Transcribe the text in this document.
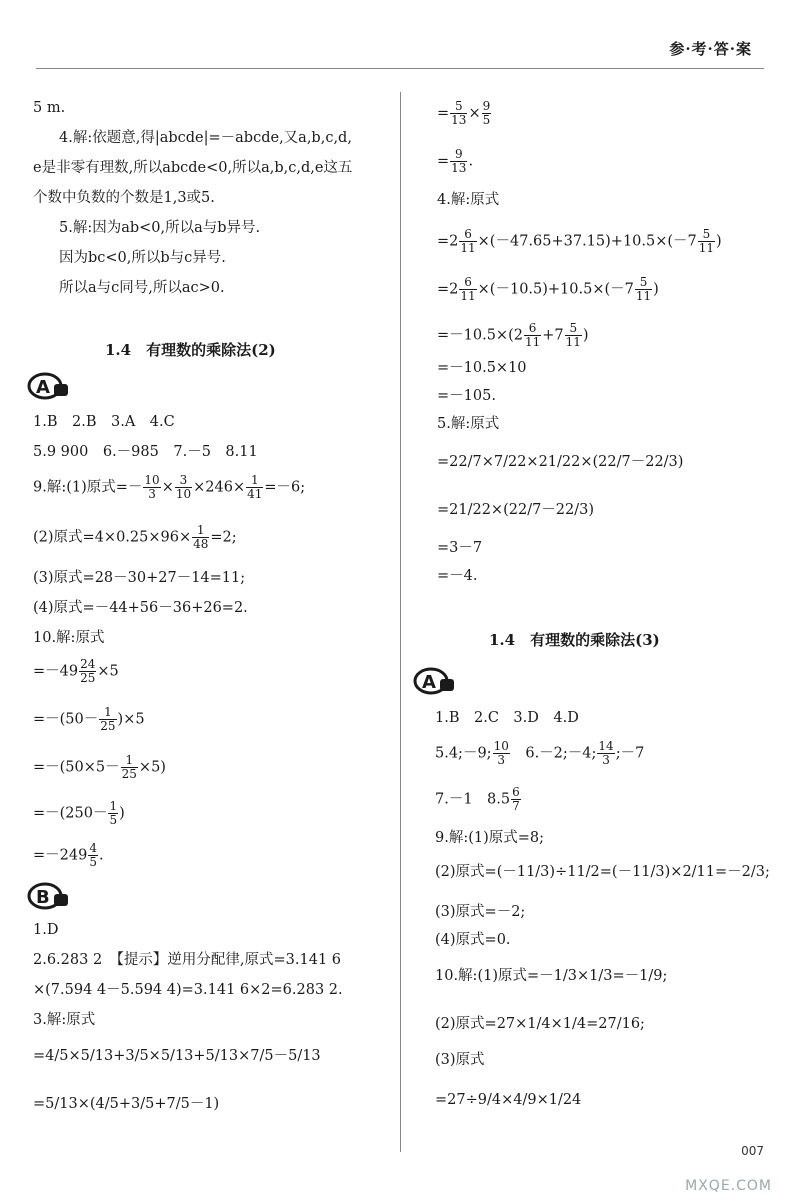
参·考·答·案
5 m.
4.解:依题意,得|abcde|=－abcde,又a,b,c,d,
e是非零有理数,所以abcde<0,所以a,b,c,d,e这五
个数中负数的个数是1,3或5.
5.解:因为ab<0,所以a与b异号.
因为bc<0,所以b与c异号.
所以a与c同号,所以ac>0.
1.4　有理数的乘除法(2)
A
1.B　2.B　3.A　4.C
5.9 900　6.－985　7.－5　8.11
9.解:(1)原式=－ $\frac{10}{3} \times \frac{3}{10} \times 246\times \frac{1}{41} =-6$;
(2)原式$=4\times 0.25\times 96\times \frac{1}{48} =2$;
(3)原式=28－30+27－14=11;
(4)原式=－44+56－36+26=2.
10.解:原式
$=-49 \frac{24}{25} \times 5$
$=-(50- \frac{1}{25} )\times 5$
$=-(50\times 5- \frac{1}{25} \times 5)$
$=-(250- \frac{1}{5}$ )
$=-249 \frac{4}{5}$ .
B
1.D
2.6.283 2　【提示】逆用分配律,原式=3.141 6
×(7.594 4－5.594 4)=3.141 6×2=6.283 2.
3.解:原式
=4/5×5/13+3/5×5/13+5/13×7/5－5/13
=5/13×(4/5+3/5+7/5－1)
= $\frac{5}{13} \times \frac{9}{5}$
= $\frac{9}{13}$ .
4.解:原式
$=2 \frac{6}{11} \times(-47.65+37.15)+10.5\times(-7 \frac{5}{11}$ )
$=2 \frac{6}{11} \times(-10.5)+10.5\times(-7 \frac{5}{11}$ )
$=-10.5\times(2 \frac{6}{11} +7 \frac{5}{11}$ )
=－10.5×10
=－105.
5.解:原式
=22/7×7/22×21/22×(22/7－22/3)
=21/22×(22/7－22/3)
=3－7
=－4.
1.4　有理数的乘除法(3)
A
1.B　2.C　3.D　4.D
5.4;－9; $\frac{10}{3}$ 　6.－2;－4; $\frac{14}{3}$ ;－7
7.－1　$8.5 \frac{6}{7}$
9.解:(1)原式=8;
(2)原式=(－11/3)÷11/2=(－11/3)×2/11=－2/3;
(3)原式=－2;
(4)原式=0.
10.解:(1)原式=－1/3×1/3=－1/9;
(2)原式=27×1/4×1/4=27/16;
(3)原式
=27÷9/4×4/9×1/24
007
MXQE.COM
